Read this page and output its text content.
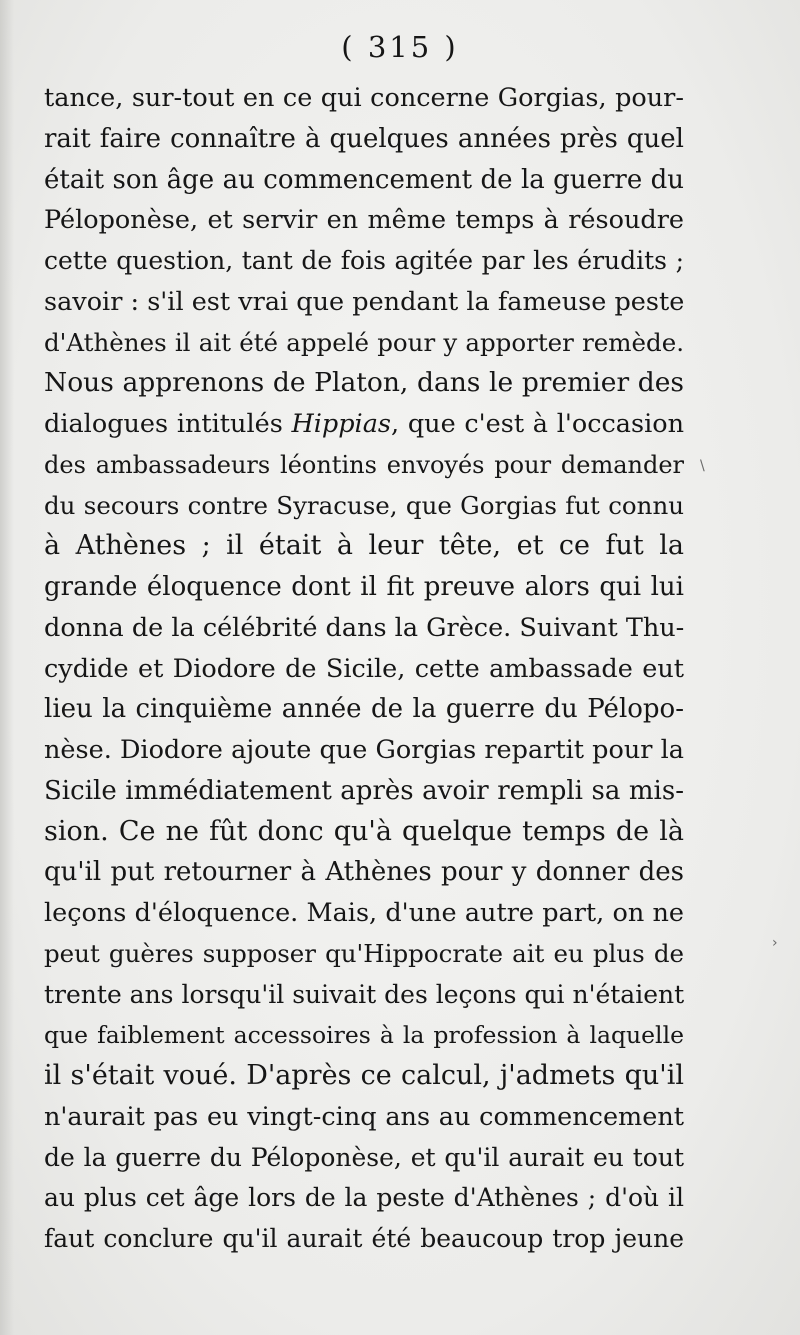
( 315 )
tance, sur-tout en ce qui concerne Gorgias, pour-
rait faire connaître à quelques années près quel
était son âge au commencement de la guerre du
Péloponèse, et servir en même temps à résoudre
cette question, tant de fois agitée par les érudits ;
savoir : s'il est vrai que pendant la fameuse peste
d'Athènes il ait été appelé pour y apporter remède.
Nous apprenons de Platon, dans le premier des
dialogues intitulés Hippias, que c'est à l'occasion
des ambassadeurs léontins envoyés pour demander
du secours contre Syracuse, que Gorgias fut connu
à Athènes ; il était à leur tête, et ce fut la
grande éloquence dont il fit preuve alors qui lui
donna de la célébrité dans la Grèce. Suivant Thu-
cydide et Diodore de Sicile, cette ambassade eut
lieu la cinquième année de la guerre du Pélopo-
nèse. Diodore ajoute que Gorgias repartit pour la
Sicile immédiatement après avoir rempli sa mis-
sion. Ce ne fût donc qu'à quelque temps de là
qu'il put retourner à Athènes pour y donner des
leçons d'éloquence. Mais, d'une autre part, on ne
peut guères supposer qu'Hippocrate ait eu plus de
trente ans lorsqu'il suivait des leçons qui n'étaient
que faiblement accessoires à la profession à laquelle
il s'était voué. D'après ce calcul, j'admets qu'il
n'aurait pas eu vingt-cinq ans au commencement
de la guerre du Péloponèse, et qu'il aurait eu tout
au plus cet âge lors de la peste d'Athènes ; d'où il
faut conclure qu'il aurait été beaucoup trop jeune
\
›
